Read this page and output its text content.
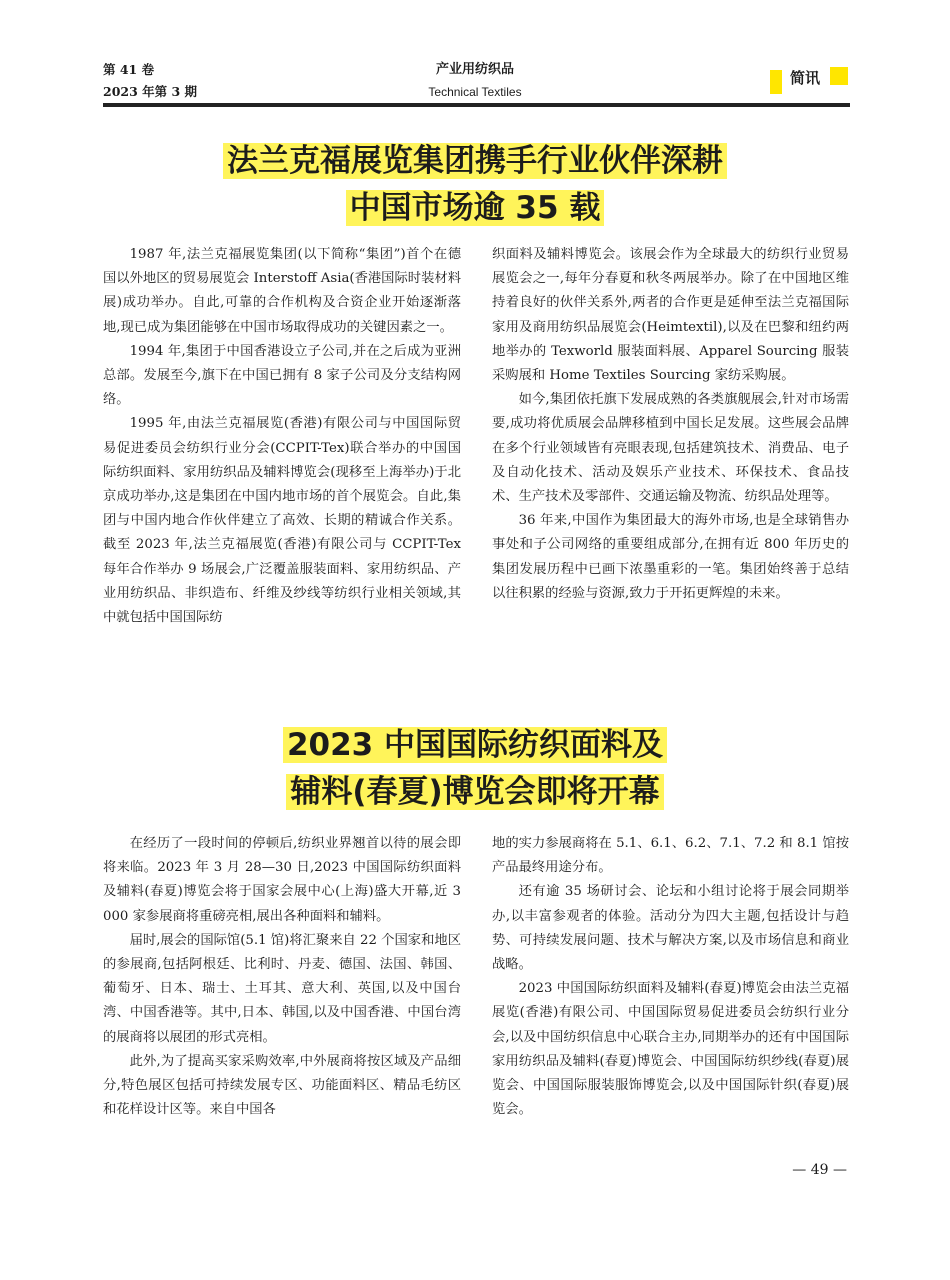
第 41 卷
2023 年第 3 期
产业用纺织品
Technical Textiles
简讯
法兰克福展览集团携手行业伙伴深耕
中国市场逾 35 载

1987 年,法兰克福展览集团(以下简称“集团”)首个在德国以外地区的贸易展览会 Interstoff Asia(香港国际时装材料展)成功举办。自此,可靠的合作机构及合资企业开始逐渐落地,现已成为集团能够在中国市场取得成功的关键因素之一。

1994 年,集团于中国香港设立子公司,并在之后成为亚洲总部。发展至今,旗下在中国已拥有 8 家子公司及分支结构网络。

1995 年,由法兰克福展览(香港)有限公司与中国国际贸易促进委员会纺织行业分会(CCPIT-Tex)联合举办的中国国际纺织面料、家用纺织品及辅料博览会(现移至上海举办)于北京成功举办,这是集团在中国内地市场的首个展览会。自此,集团与中国内地合作伙伴建立了高效、长期的精诚合作关系。截至 2023 年,法兰克福展览(香港)有限公司与 CCPIT-Tex 每年合作举办 9 场展会,广泛覆盖服装面料、家用纺织品、产业用纺织品、非织造布、纤维及纱线等纺织行业相关领域,其中就包括中国国际纺

织面料及辅料博览会。该展会作为全球最大的纺织行业贸易展览会之一,每年分春夏和秋冬两展举办。除了在中国地区维持着良好的伙伴关系外,两者的合作更是延伸至法兰克福国际家用及商用纺织品展览会(Heimtextil),以及在巴黎和纽约两地举办的 Texworld 服装面料展、Apparel Sourcing 服装采购展和 Home Textiles Sourcing 家纺采购展。

如今,集团依托旗下发展成熟的各类旗舰展会,针对市场需要,成功将优质展会品牌移植到中国长足发展。这些展会品牌在多个行业领域皆有亮眼表现,包括建筑技术、消费品、电子及自动化技术、活动及娱乐产业技术、环保技术、食品技术、生产技术及零部件、交通运输及物流、纺织品处理等。

36 年来,中国作为集团最大的海外市场,也是全球销售办事处和子公司网络的重要组成部分,在拥有近 800 年历史的集团发展历程中已画下浓墨重彩的一笔。集团始终善于总结以往积累的经验与资源,致力于开拓更辉煌的未来。

2023 中国国际纺织面料及
辅料(春夏)博览会即将开幕

在经历了一段时间的停顿后,纺织业界翘首以待的展会即将来临。2023 年 3 月 28—30 日,2023 中国国际纺织面料及辅料(春夏)博览会将于国家会展中心(上海)盛大开幕,近 3 000 家参展商将重磅亮相,展出各种面料和辅料。

届时,展会的国际馆(5.1 馆)将汇聚来自 22 个国家和地区的参展商,包括阿根廷、比利时、丹麦、德国、法国、韩国、葡萄牙、日本、瑞士、土耳其、意大利、英国,以及中国台湾、中国香港等。其中,日本、韩国,以及中国香港、中国台湾的展商将以展团的形式亮相。

此外,为了提高买家采购效率,中外展商将按区域及产品细分,特色展区包括可持续发展专区、功能面料区、精品毛纺区和花样设计区等。来自中国各

地的实力参展商将在 5.1、6.1、6.2、7.1、7.2 和 8.1 馆按产品最终用途分布。

还有逾 35 场研讨会、论坛和小组讨论将于展会同期举办,以丰富参观者的体验。活动分为四大主题,包括设计与趋势、可持续发展问题、技术与解决方案,以及市场信息和商业战略。

2023 中国国际纺织面料及辅料(春夏)博览会由法兰克福展览(香港)有限公司、中国国际贸易促进委员会纺织行业分会,以及中国纺织信息中心联合主办,同期举办的还有中国国际家用纺织品及辅料(春夏)博览会、中国国际纺织纱线(春夏)展览会、中国国际服装服饰博览会,以及中国国际针织(春夏)展览会。

— 49 —
